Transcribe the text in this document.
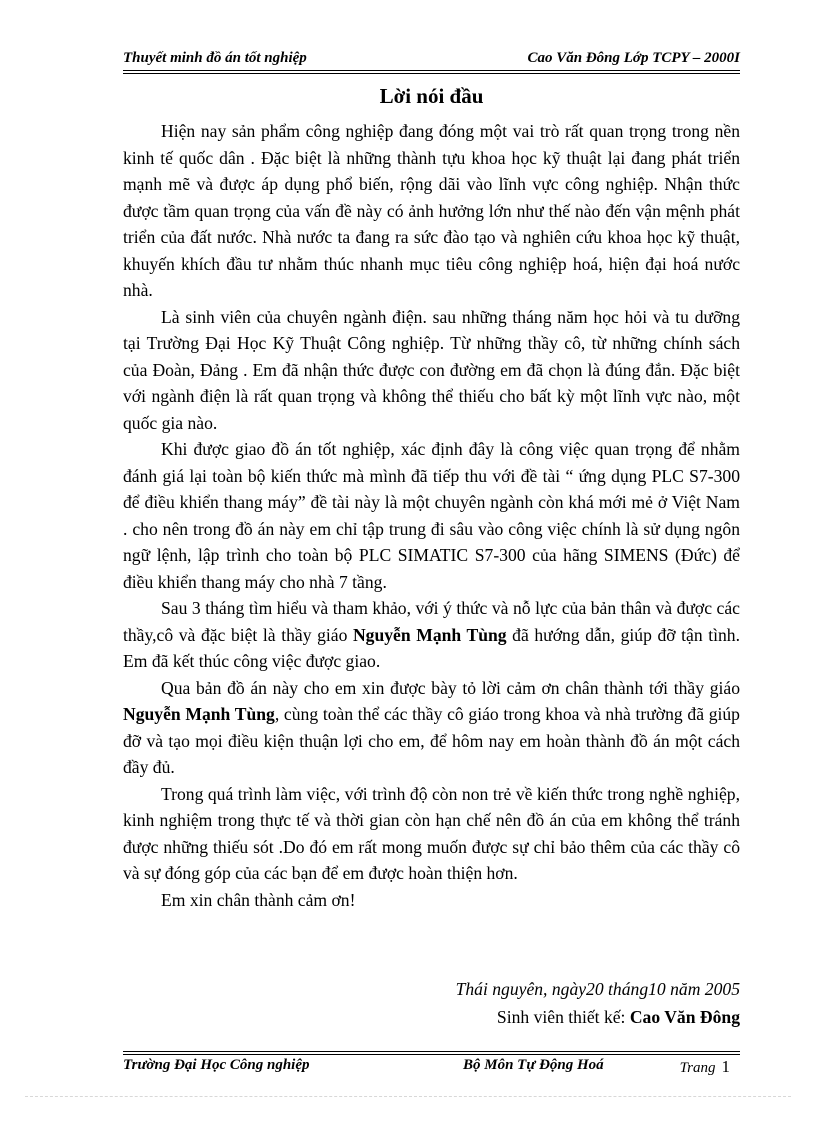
Thuyết minh đồ án tốt nghiệp	Cao Văn Đông Lớp TCPY – 2000I
Lời nói đầu

Hiện nay sản phẩm công nghiệp đang đóng một vai trò rất quan trọng trong nền kinh tế quốc dân . Đặc biệt là những thành tựu khoa học kỹ thuật lại đang phát triển mạnh mẽ và được áp dụng phổ biến, rộng dãi vào lĩnh vực công nghiệp. Nhận thức được tầm quan trọng của vấn đề này có ảnh hưởng lớn như thế nào đến vận mệnh phát triển của đất nước. Nhà nước ta đang ra sức đào tạo và nghiên cứu khoa học kỹ thuật, khuyến khích đầu tư nhằm thúc nhanh mục tiêu công nghiệp hoá, hiện đại hoá nước nhà.

Là sinh viên của chuyên ngành điện. sau những tháng năm học hỏi và tu dưỡng tại Trường Đại Học Kỹ Thuật Công nghiệp. Từ những thầy cô, từ những chính sách của Đoàn, Đảng . Em đã nhận thức được con đường em đã chọn là đúng đắn. Đặc biệt với ngành điện là rất quan trọng và không thể thiếu cho bất kỳ một lĩnh vực nào, một quốc gia nào.

Khi được giao đồ án tốt nghiệp, xác định đây là công việc quan trọng để nhằm đánh giá lại toàn bộ kiến thức mà mình đã tiếp thu với đề tài “ ứng dụng PLC S7-300 để điều khiển thang máy” đề tài này là một chuyên ngành còn khá mới mẻ ở Việt Nam . cho nên trong đồ án này em chỉ tập trung đi sâu vào công việc chính là sử dụng ngôn ngữ lệnh, lập trình cho toàn bộ PLC SIMATIC S7-300 của hãng SIMENS (Đức) để điều khiển thang máy cho nhà 7 tầng.

Sau 3 tháng tìm hiểu và tham khảo, với ý thức và nỗ lực của bản thân và được các thầy,cô và đặc biệt là thầy giáo Nguyễn Mạnh Tùng đã hướng dẫn, giúp đỡ tận tình. Em đã kết thúc công việc được giao.

Qua bản đồ án này cho em xin được bày tỏ lời cảm ơn chân thành tới thầy giáo Nguyễn Mạnh Tùng, cùng toàn thể các thầy cô giáo trong khoa và nhà trường đã giúp đỡ và tạo mọi điều kiện thuận lợi cho em, để hôm nay em hoàn thành đồ án một cách đầy đủ.

Trong quá trình làm việc, với trình độ còn non trẻ về kiến thức trong nghề nghiệp, kinh nghiệm trong thực tế và thời gian còn hạn chế nên đồ án của em không thể tránh được những thiếu sót .Do đó em rất mong muốn được sự chỉ bảo thêm của các thầy cô và sự đóng góp của các bạn để em được hoàn thiện hơn.

Em xin chân thành cảm ơn!

Thái nguyên, ngày20 tháng10 năm 2005
Sinh viên thiết kế: Cao Văn Đông
Trường Đại Học Công nghiệp	Bộ Môn Tự Động Hoá	Trang 1
